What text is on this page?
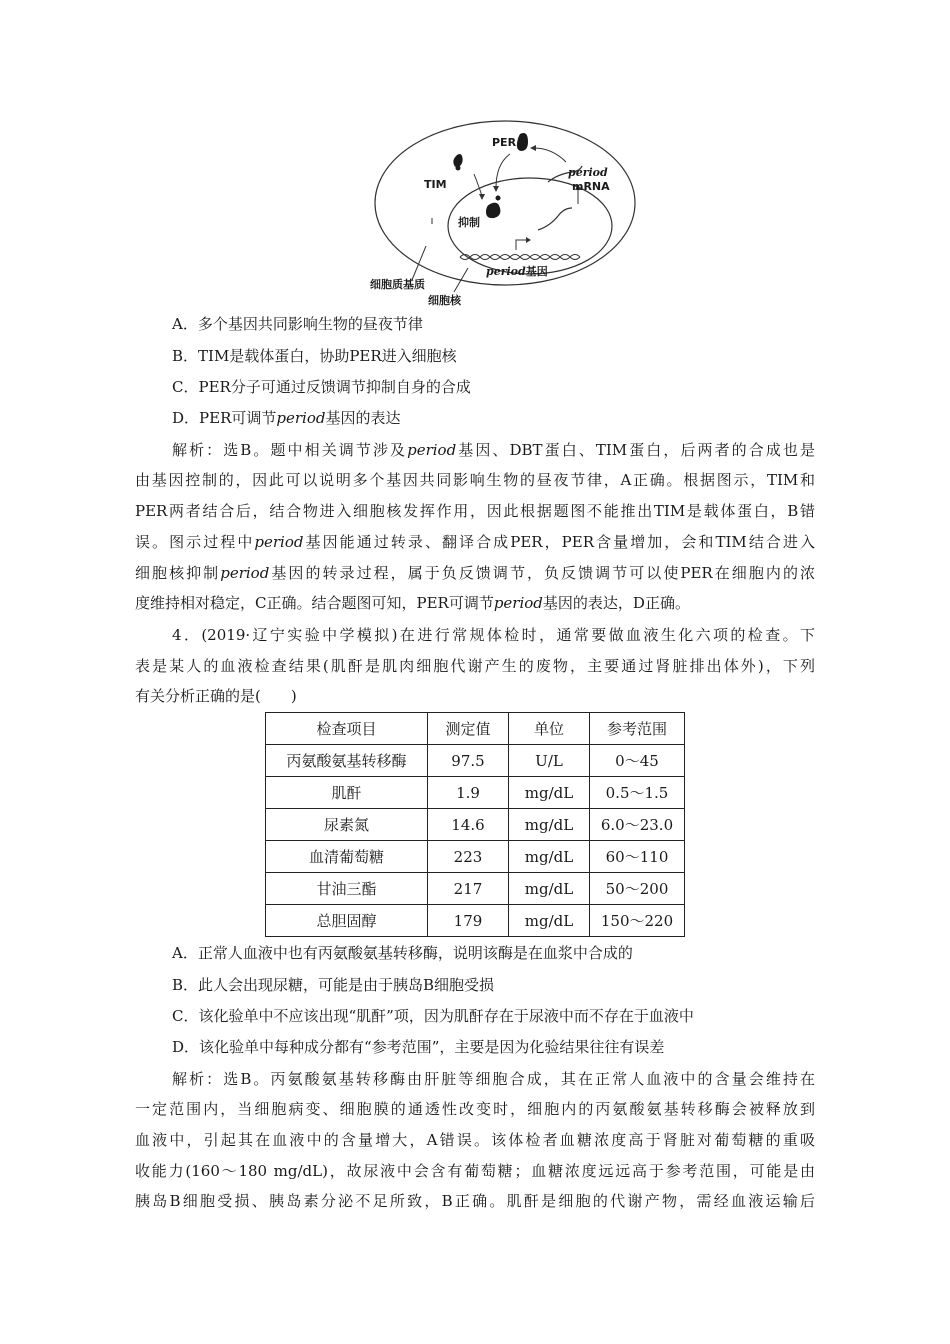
PER
TIM
period
mRNA
抑制
period基因
细胞质基质
细胞核
A．多个基因共同影响生物的昼夜节律
B．TIM是载体蛋白，协助PER进入细胞核
C．PER分子可通过反馈调节抑制自身的合成
D．PER可调节period基因的表达
解析：选B。题中相关调节涉及period基因、DBT蛋白、TIM蛋白，后两者的合成也是
由基因控制的，因此可以说明多个基因共同影响生物的昼夜节律，A正确。根据图示，TIM和
PER两者结合后，结合物进入细胞核发挥作用，因此根据题图不能推出TIM是载体蛋白，B错
误。图示过程中period基因能通过转录、翻译合成PER，PER含量增加，会和TIM结合进入
细胞核抑制period基因的转录过程，属于负反馈调节，负反馈调节可以使PER在细胞内的浓
度维持相对稳定，C正确。结合题图可知，PER可调节period基因的表达，D正确。
4．(2019·辽宁实验中学模拟)在进行常规体检时，通常要做血液生化六项的检查。下
表是某人的血液检查结果(肌酐是肌肉细胞代谢产生的废物，主要通过肾脏排出体外)，下列
有关分析正确的是(　　)
检查项目	测定值	单位	参考范围
丙氨酸氨基转移酶	97.5	U/L	0～45
肌酐	1.9	mg/dL	0.5～1.5
尿素氮	14.6	mg/dL	6.0～23.0
血清葡萄糖	223	mg/dL	60～110
甘油三酯	217	mg/dL	50～200
总胆固醇	179	mg/dL	150～220
A．正常人血液中也有丙氨酸氨基转移酶，说明该酶是在血浆中合成的
B．此人会出现尿糖，可能是由于胰岛B细胞受损
C．该化验单中不应该出现“肌酐”项，因为肌酐存在于尿液中而不存在于血液中
D．该化验单中每种成分都有“参考范围”，主要是因为化验结果往往有误差
解析：选B。丙氨酸氨基转移酶由肝脏等细胞合成，其在正常人血液中的含量会维持在
一定范围内，当细胞病变、细胞膜的通透性改变时，细胞内的丙氨酸氨基转移酶会被释放到
血液中，引起其在血液中的含量增大，A错误。该体检者血糖浓度高于肾脏对葡萄糖的重吸
收能力(160～180 mg/dL)，故尿液中会含有葡萄糖；血糖浓度远远高于参考范围，可能是由
胰岛B细胞受损、胰岛素分泌不足所致，B正确。肌酐是细胞的代谢产物，需经血液运输后
